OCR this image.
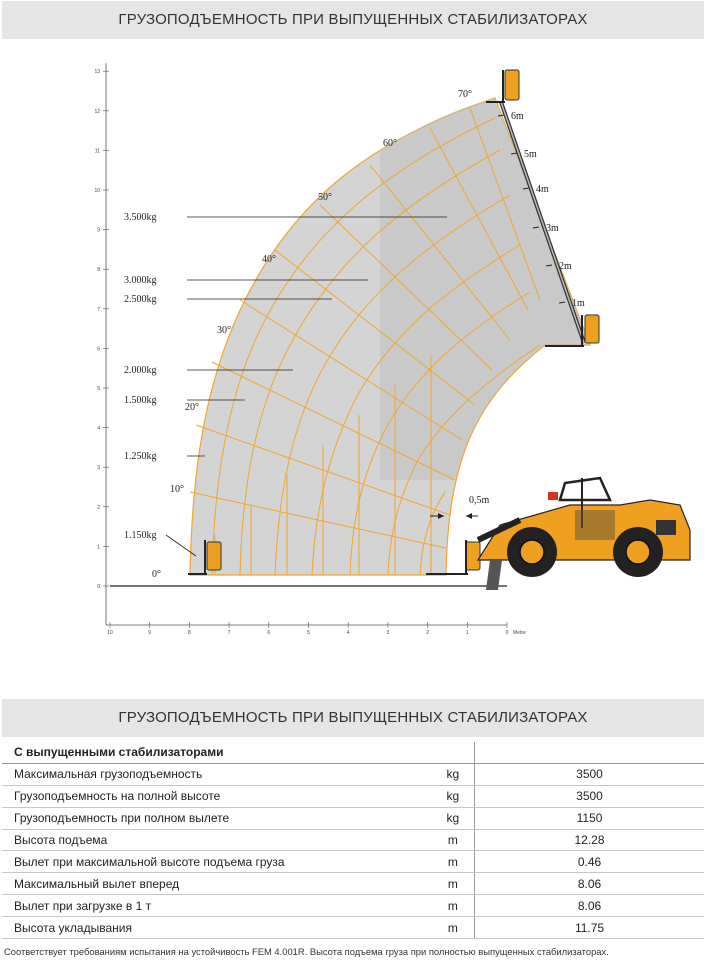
ГРУЗОПОДЪЕМНОСТЬ ПРИ ВЫПУЩЕННЫХ СТАБИЛИЗАТОРАХ
0
1
2
3
4
5
6
7
8
9
10
11
12
13
10	9	8	7	6	5	4	3	2	1	0 Metre
3.500kg
3.000kg
2.500kg
2.000kg
1.500kg
1.250kg
1.150kg
0°
10°
20°
30°
40°
50°
60°
70°
6m
5m
4m
3m
2m
1m
0,5m
ГРУЗОПОДЪЕМНОСТЬ ПРИ ВЫПУЩЕННЫХ СТАБИЛИЗАТОРАХ
С выпущенными стабилизаторами		
Максимальная грузоподъемность	kg	3500
Грузоподъемность на полной высоте	kg	3500
Грузоподъемность при полном вылете	kg	1150
Высота подъема	m	12.28
Вылет при максимальной высоте подъема груза	m	0.46
Максимальный вылет вперед	m	8.06
Вылет при загрузке в 1 т	m	8.06
Высота укладывания	m	11.75
Соответствует требованиям испытания на устойчивость FEM 4.001R. Высота подъема груза при полностью выпущенных стабилизаторах.
